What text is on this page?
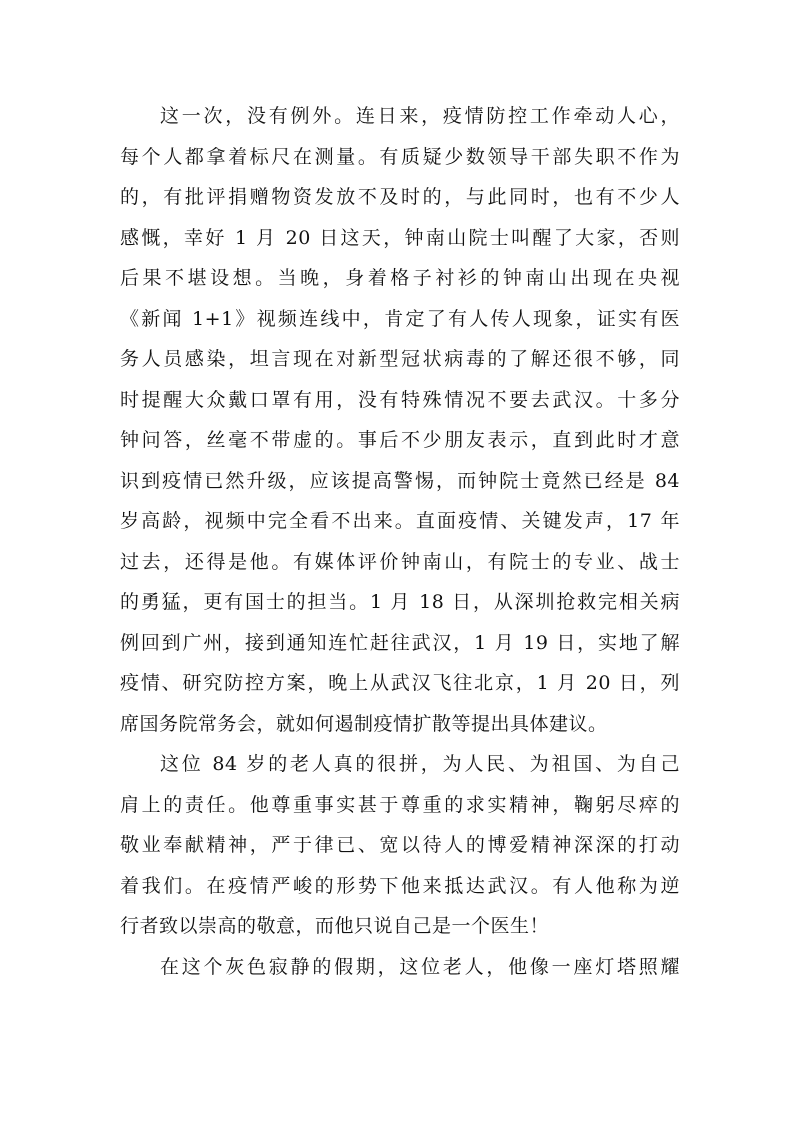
这一次，没有例外。连日来，疫情防控工作牵动人心，
每个人都拿着标尺在测量。有质疑少数领导干部失职不作为
的，有批评捐赠物资发放不及时的，与此同时，也有不少人
感慨，幸好 1 月 20 日这天，钟南山院士叫醒了大家，否则
后果不堪设想。当晚，身着格子衬衫的钟南山出现在央视
《新闻 1+1》视频连线中，肯定了有人传人现象，证实有医
务人员感染，坦言现在对新型冠状病毒的了解还很不够，同
时提醒大众戴口罩有用，没有特殊情况不要去武汉。十多分
钟问答，丝毫不带虚的。事后不少朋友表示，直到此时才意
识到疫情已然升级，应该提高警惕，而钟院士竟然已经是 84
岁高龄，视频中完全看不出来。直面疫情、关键发声，17 年
过去，还得是他。有媒体评价钟南山，有院士的专业、战士
的勇猛，更有国士的担当。1 月 18 日，从深圳抢救完相关病
例回到广州，接到通知连忙赶往武汉，1 月 19 日，实地了解
疫情、研究防控方案，晚上从武汉飞往北京，1 月 20 日，列
席国务院常务会，就如何遏制疫情扩散等提出具体建议。
这位 84 岁的老人真的很拼，为人民、为祖国、为自己
肩上的责任。他尊重事实甚于尊重的求实精神，鞠躬尽瘁的
敬业奉献精神，严于律已、宽以待人的博爱精神深深的打动
着我们。在疫情严峻的形势下他来抵达武汉。有人他称为逆
行者致以崇高的敬意，而他只说自己是一个医生！
在这个灰色寂静的假期，这位老人，他像一座灯塔照耀
